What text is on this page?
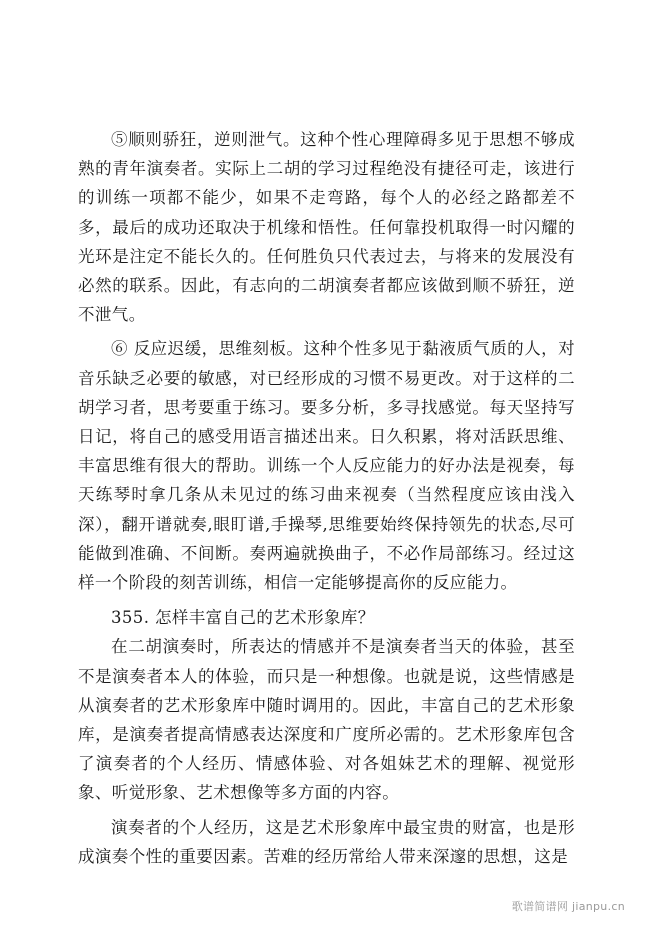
⑤顺则骄狂，逆则泄气。这种个性心理障碍多见于思想不够成熟的青年演奏者。实际上二胡的学习过程绝没有捷径可走，该进行的训练一项都不能少，如果不走弯路，每个人的必经之路都差不多，最后的成功还取决于机缘和悟性。任何靠投机取得一时闪耀的光环是注定不能长久的。任何胜负只代表过去，与将来的发展没有必然的联系。因此，有志向的二胡演奏者都应该做到顺不骄狂，逆不泄气。

⑥ 反应迟缓，思维刻板。这种个性多见于黏液质气质的人，对音乐缺乏必要的敏感，对已经形成的习惯不易更改。对于这样的二胡学习者，思考要重于练习。要多分析，多寻找感觉。每天坚持写日记，将自己的感受用语言描述出来。日久积累，将对活跃思维、丰富思维有很大的帮助。训练一个人反应能力的好办法是视奏，每天练琴时拿几条从未见过的练习曲来视奏（当然程度应该由浅入深），翻开谱就奏,眼盯谱,手操琴,思维要始终保持领先的状态,尽可能做到准确、不间断。奏两遍就换曲子，不必作局部练习。经过这样一个阶段的刻苦训练，相信一定能够提高你的反应能力。

355. 怎样丰富自己的艺术形象库？

在二胡演奏时，所表达的情感并不是演奏者当天的体验，甚至不是演奏者本人的体验，而只是一种想像。也就是说，这些情感是从演奏者的艺术形象库中随时调用的。因此，丰富自己的艺术形象库，是演奏者提高情感表达深度和广度所必需的。艺术形象库包含了演奏者的个人经历、情感体验、对各姐妹艺术的理解、视觉形象、听觉形象、艺术想像等多方面的内容。

演奏者的个人经历，这是艺术形象库中最宝贵的财富，也是形成演奏个性的重要因素。苦难的经历常给人带来深邃的思想，这是

歌谱简谱网 jianpu.cn
